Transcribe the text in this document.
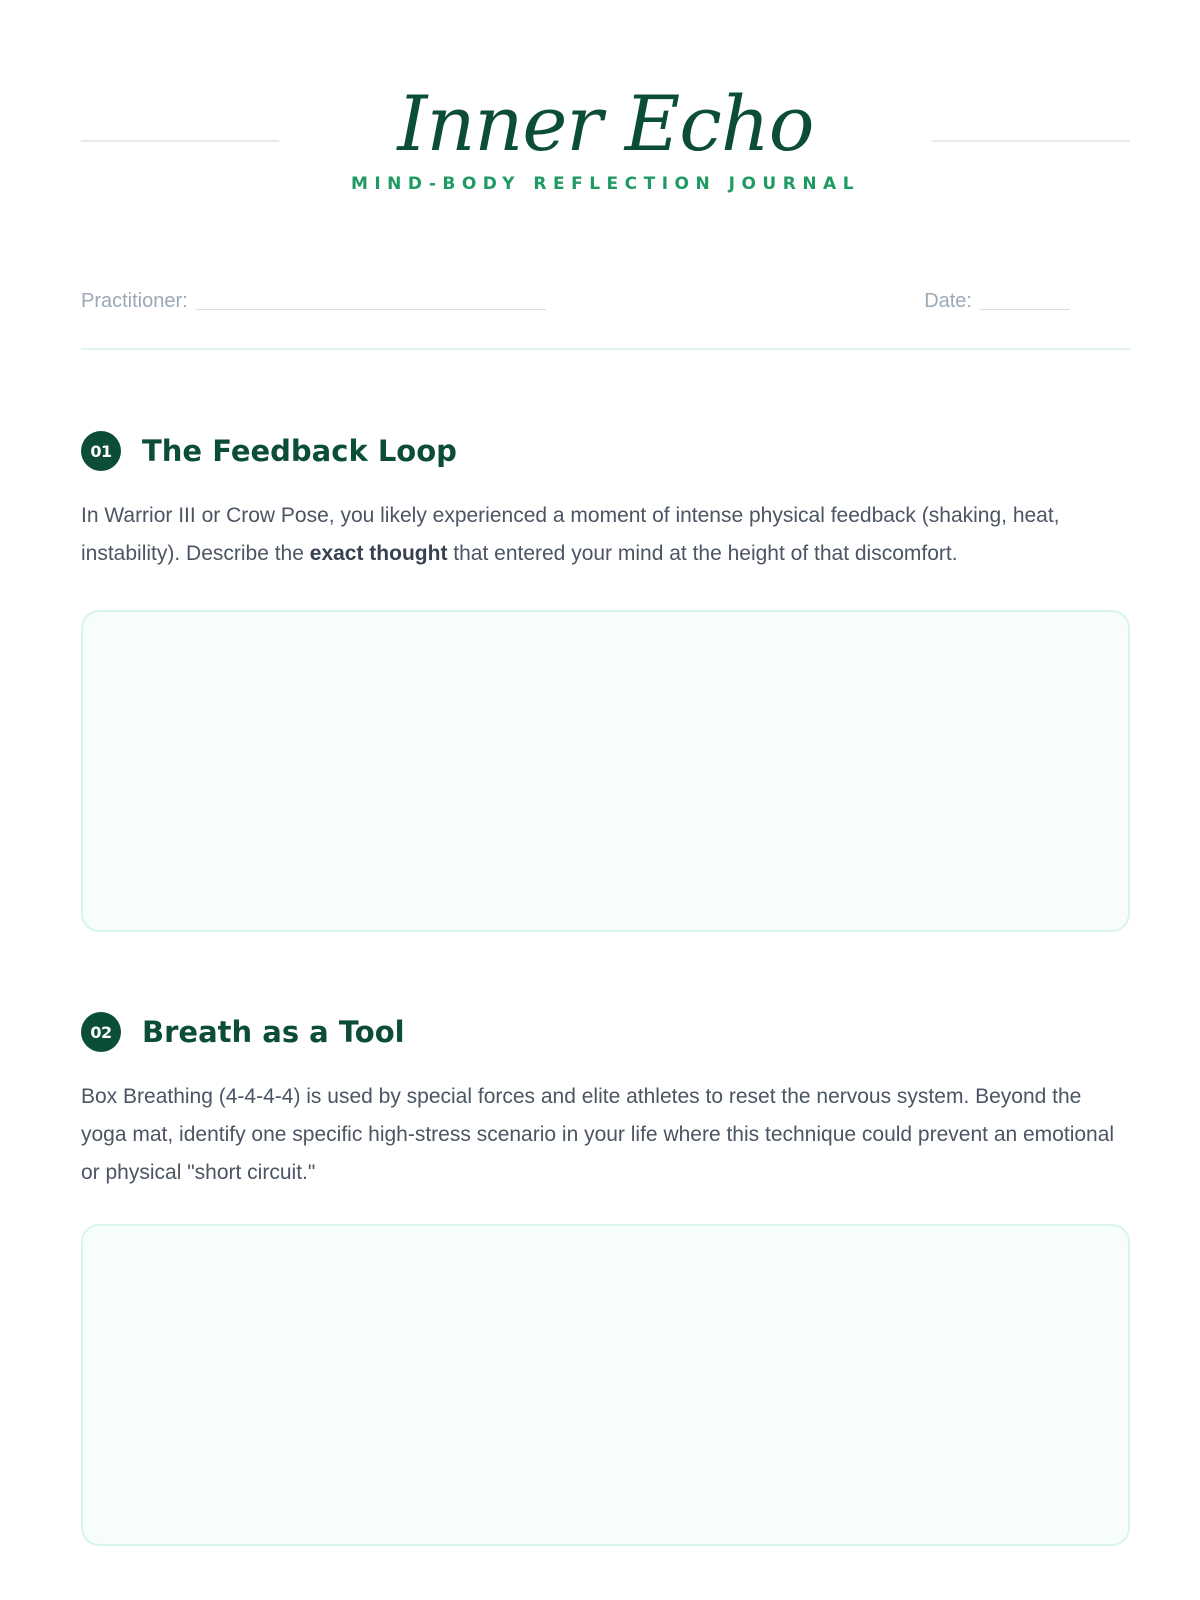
Inner Echo
MIND-BODY REFLECTION JOURNAL
Practitioner:	Date:
01	The Feedback Loop
In Warrior III or Crow Pose, you likely experienced a moment of intense physical feedback (shaking, heat, instability). Describe the exact thought that entered your mind at the height of that discomfort.
02	Breath as a Tool
Box Breathing (4-4-4-4) is used by special forces and elite athletes to reset the nervous system. Beyond the yoga mat, identify one specific high-stress scenario in your life where this technique could prevent an emotional or physical "short circuit."
